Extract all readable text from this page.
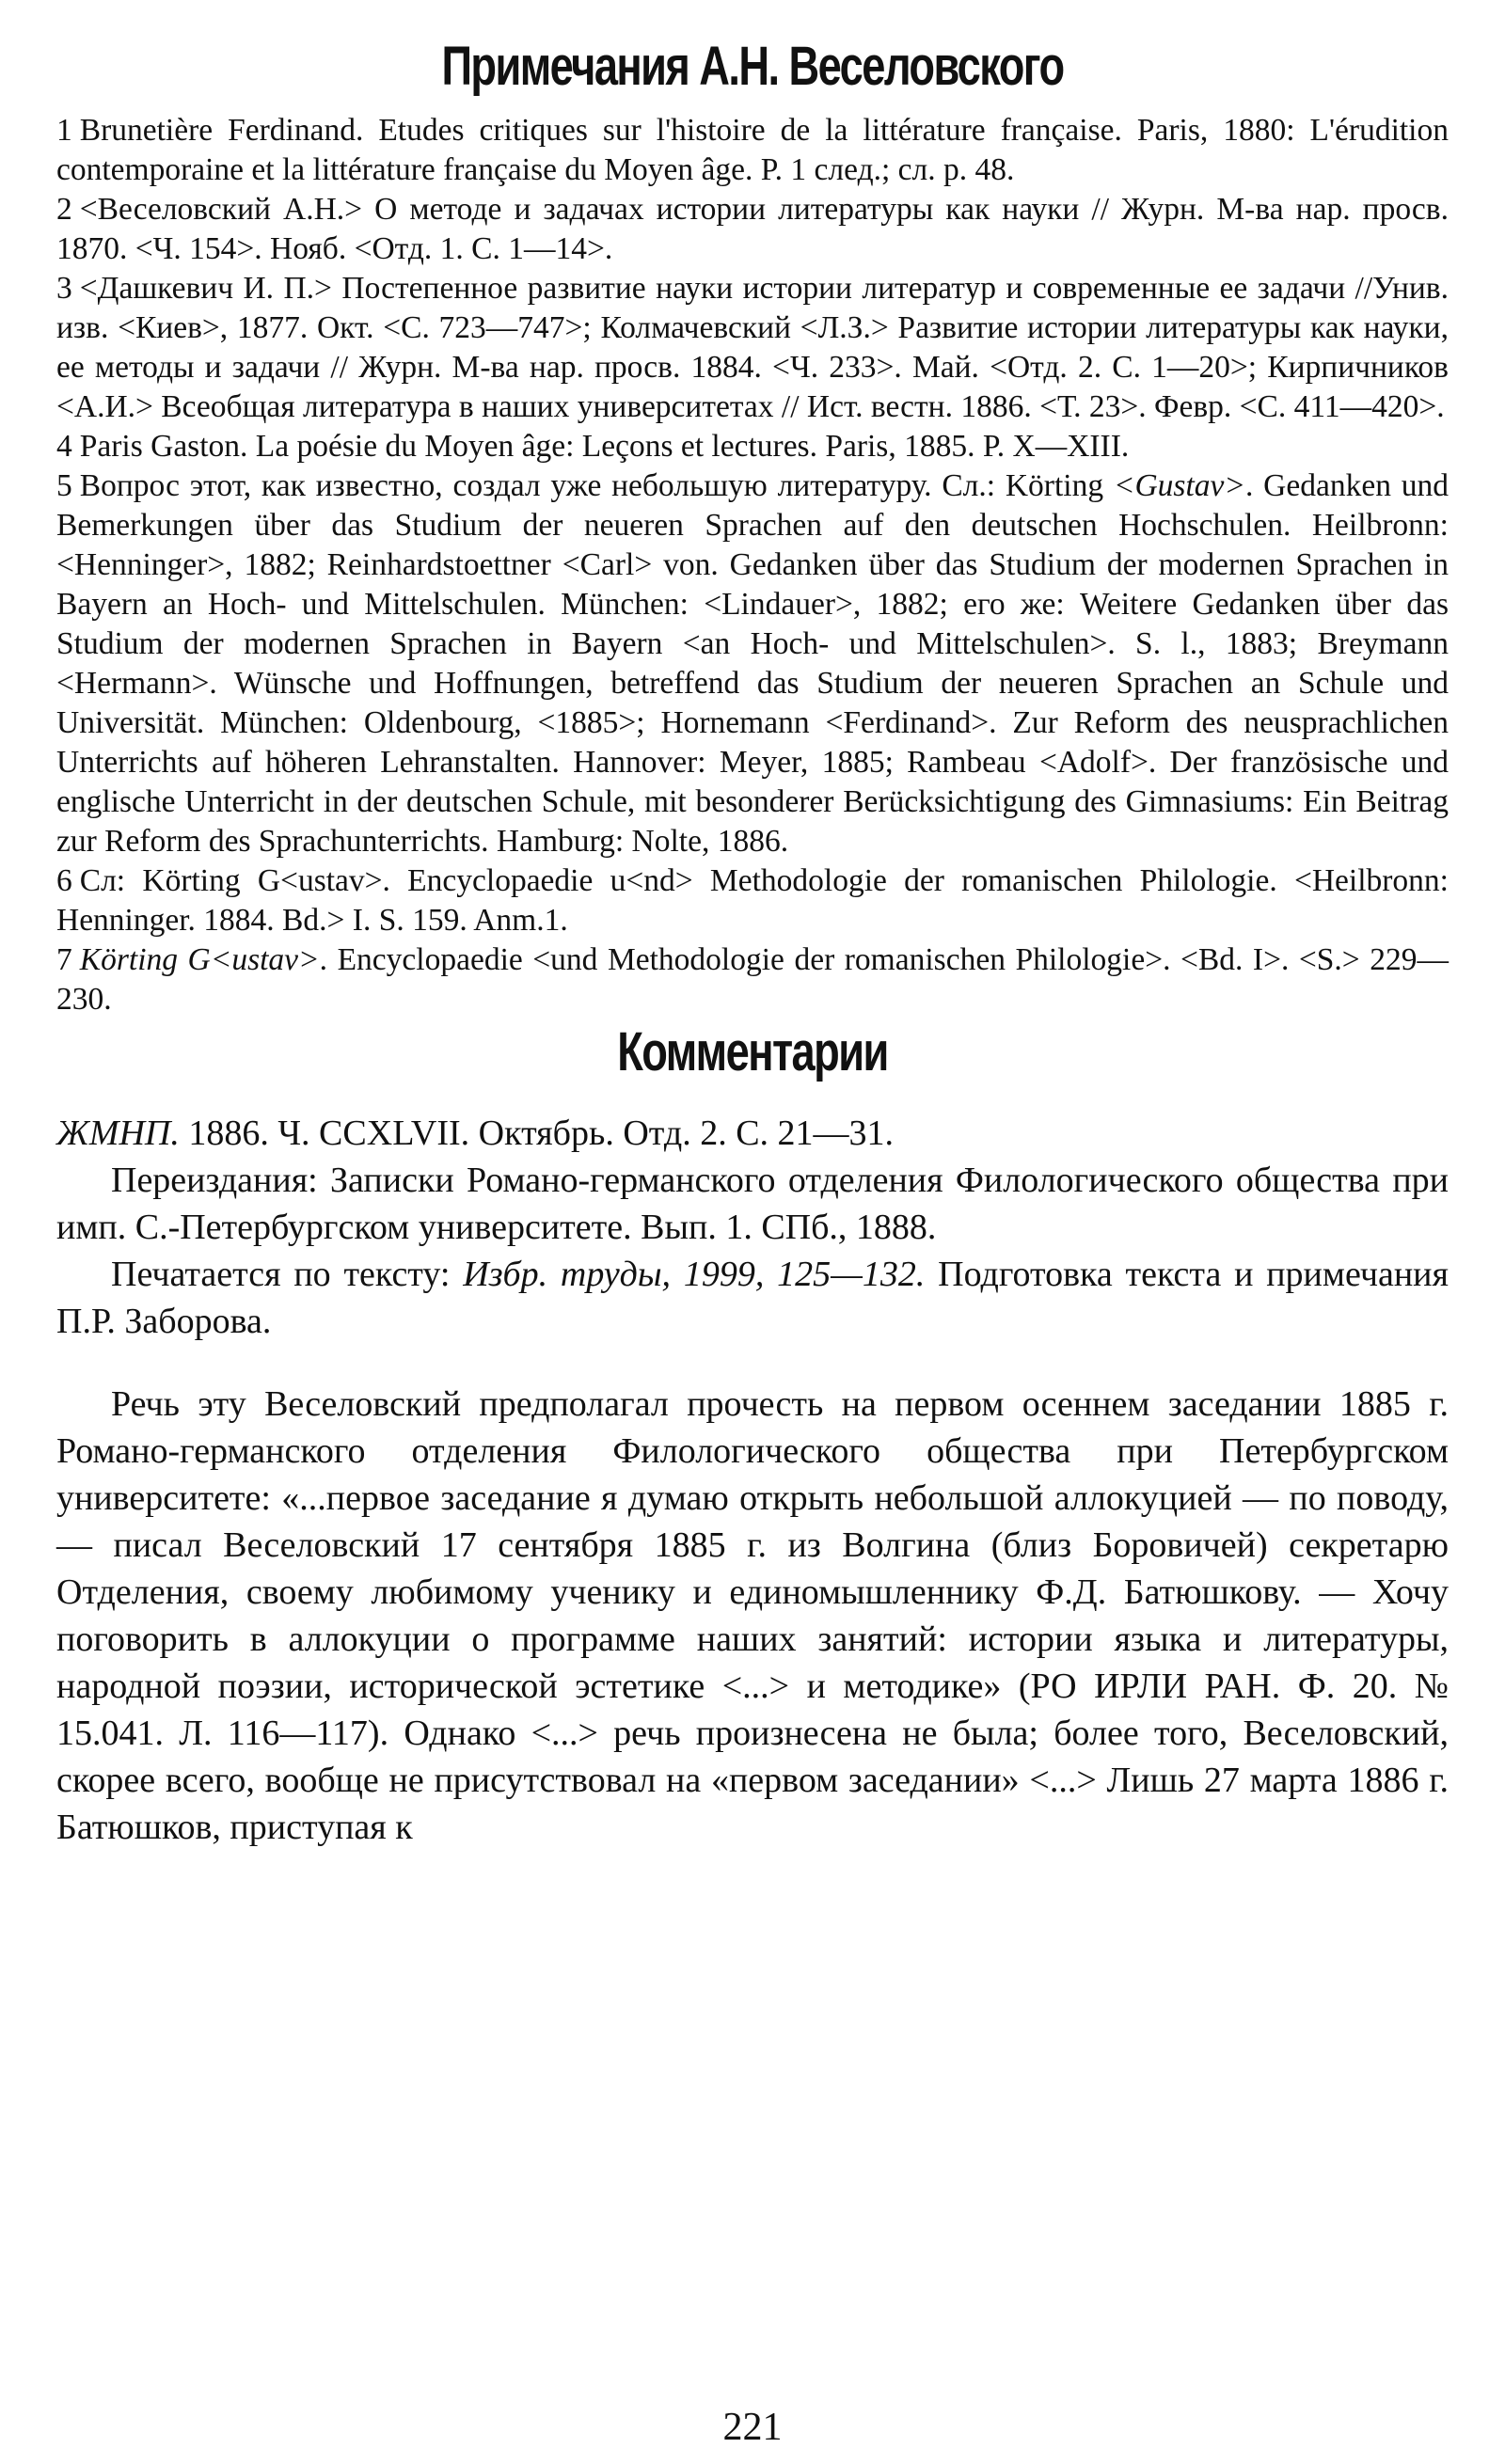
Примечания А.Н. Веселовского

1 Brunetière Ferdinand. Etudes critiques sur l'histoire de la littérature française. Paris, 1880: L'érudition contemporaine et la littérature française du Moyen âge. P. 1 след.; сл. p. 48.

2 <Веселовский А.Н.> О методе и задачах истории литературы как науки // Журн. М-ва нар. просв. 1870. <Ч. 154>. Нояб. <Отд. 1. С. 1—14>.

3 <Дашкевич И. П.> Постепенное развитие науки истории литератур и современные ее задачи //Унив. изв. <Киев>, 1877. Окт. <С. 723—747>; Колмачевский <Л.З.> Развитие истории литературы как науки, ее методы и задачи // Журн. М-ва нар. просв. 1884. <Ч. 233>. Май. <Отд. 2. С. 1—20>; Кирпичников <А.И.> Всеобщая литература в наших университетах // Ист. вестн. 1886. <Т. 23>. Февр. <С. 411—420>.

4 Paris Gaston. La poésie du Moyen âge: Leçons et lectures. Paris, 1885. P. X—XIII.

5 Вопрос этот, как известно, создал уже небольшую литературу. Сл.: Körting <Gustav>. Gedanken und Bemerkungen über das Studium der neueren Sprachen auf den deutschen Hochschulen. Heilbronn: <Henninger>, 1882; Reinhardstoettner <Carl> von. Gedanken über das Studium der modernen Sprachen in Bayern an Hoch- und Mittelschulen. München: <Lindauer>, 1882; его же: Weitere Gedanken über das Studium der modernen Sprachen in Bayern <an Hoch- und Mittelschulen>. S. l., 1883; Breymann <Hermann>. Wünsche und Hoffnungen, betreffend das Studium der neueren Sprachen an Schule und Universität. München: Oldenbourg, <1885>; Hornemann <Ferdinand>. Zur Reform des neusprachlichen Unterrichts auf höheren Lehranstalten. Hannover: Meyer, 1885; Rambeau <Adolf>. Der französische und englische Unterricht in der deutschen Schule, mit besonderer Berücksichtigung des Gimnasiums: Ein Beitrag zur Reform des Sprachunterrichts. Hamburg: Nolte, 1886.

6 Сл: Körting G<ustav>. Encyclopaedie u<nd> Methodologie der romanischen Philologie. <Heilbronn: Henninger. 1884. Bd.> I. S. 159. Anm.1.

7 Körting G<ustav>. Encyclopaedie <und Methodologie der romanischen Philologie>. <Bd. I>. <S.> 229—230.

Комментарии

ЖМНП. 1886. Ч. CCXLVII. Октябрь. Отд. 2. С. 21—31.

Переиздания: Записки Романо-германского отделения Филологического общества при имп. С.-Петербургском университете. Вып. 1. СПб., 1888.

Печатается по тексту: Избр. труды, 1999, 125—132. Подготовка текста и примечания П.Р. Заборова.

Речь эту Веселовский предполагал прочесть на первом осеннем заседании 1885 г. Романо-германского отделения Филологического общества при Петербургском университете: «...первое заседание я думаю открыть небольшой аллокуцией — по поводу, — писал Веселовский 17 сентября 1885 г. из Волгина (близ Боровичей) секретарю Отделения, своему любимому ученику и единомышленнику Ф.Д. Батюшкову. — Хочу поговорить в аллокуции о программе наших занятий: истории языка и литературы, народной поэзии, исторической эстетике <...> и методике» (РО ИРЛИ РАН. Ф. 20. № 15.041. Л. 116—117). Однако <...> речь произнесена не была; более того, Веселовский, скорее всего, вообще не присутствовал на «первом заседании» <...> Лишь 27 марта 1886 г. Батюшков, приступая к

221
